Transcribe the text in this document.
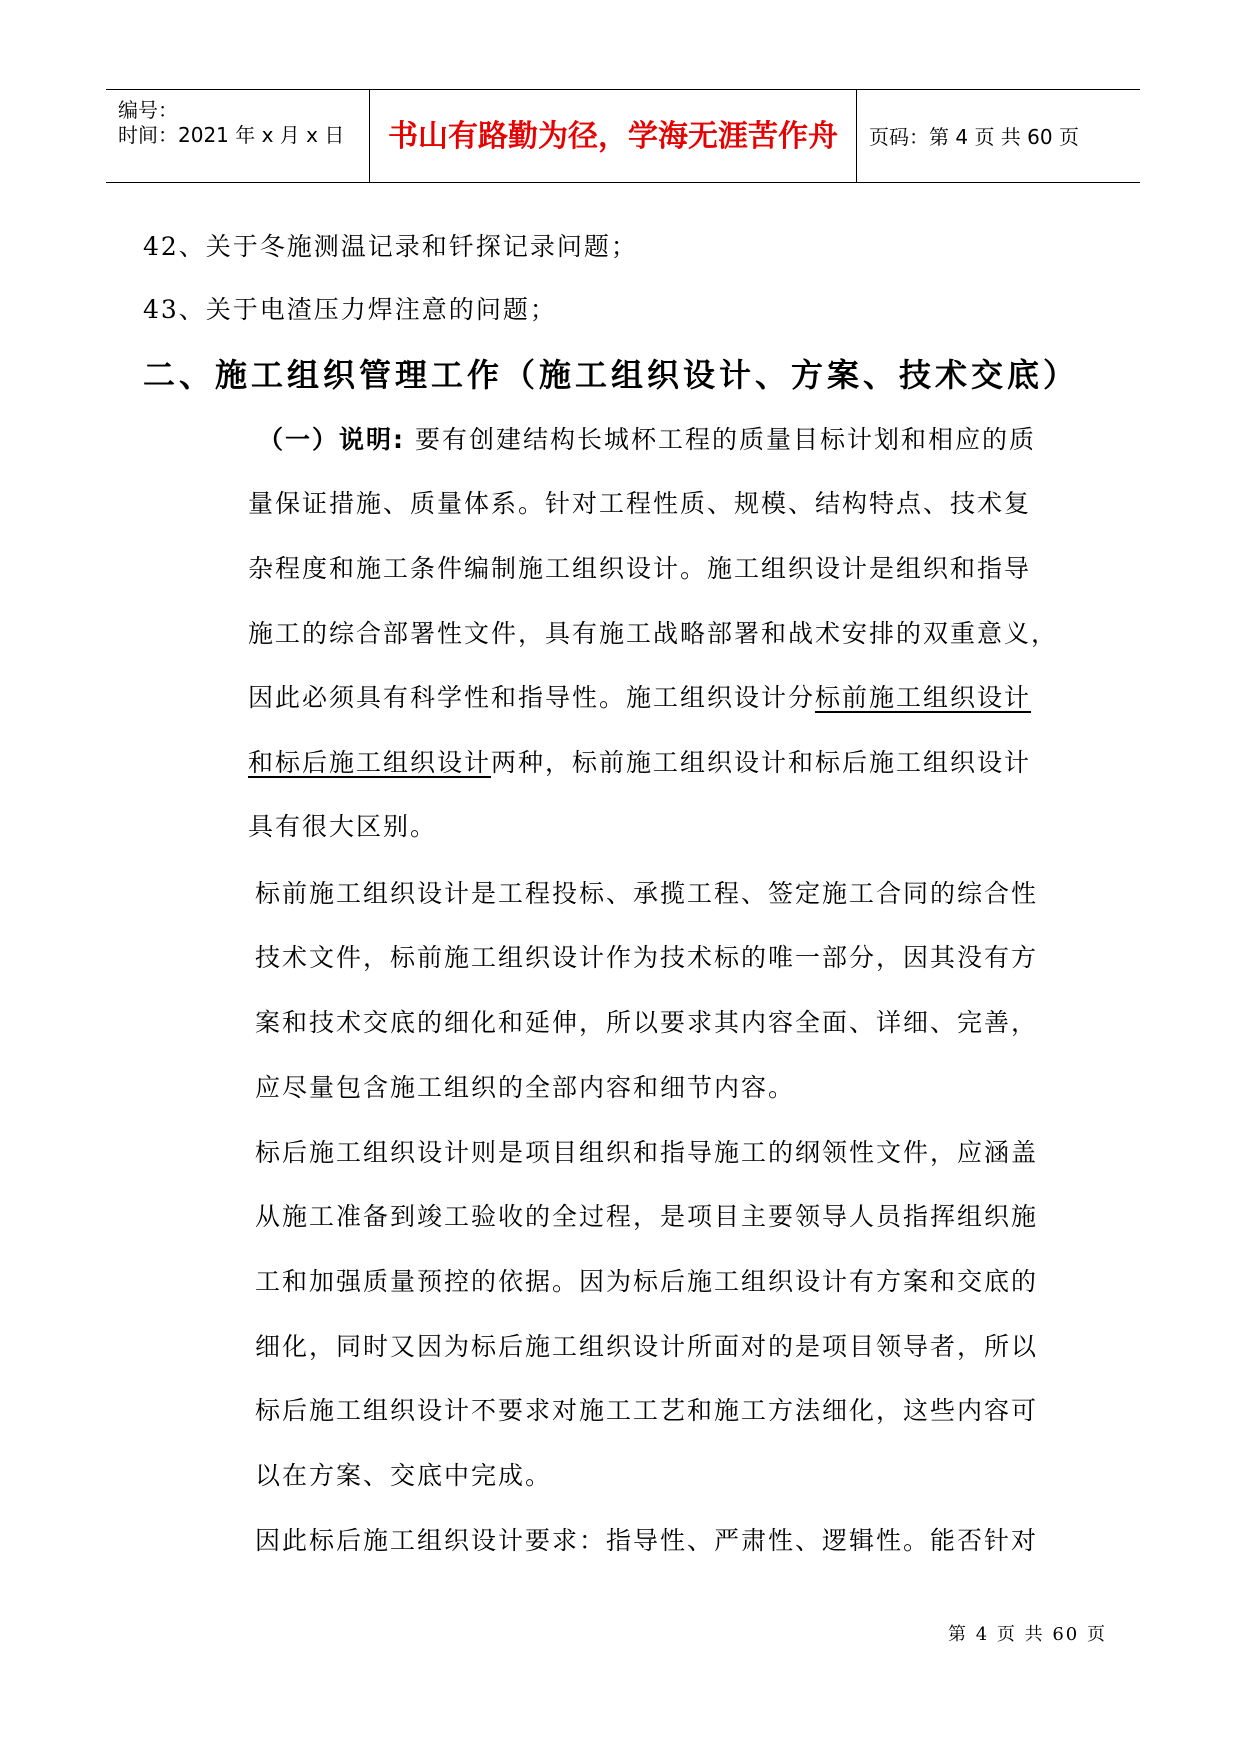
编号：
时间：2021 年 x 月 x 日	书山有路勤为径，学海无涯苦作舟	页码：第 4 页 共 60 页
42、关于冬施测温记录和钎探记录问题；
43、关于电渣压力焊注意的问题；
二、施工组织管理工作（施工组织设计、方案、技术交底）
（一）说明: 要有创建结构长城杯工程的质量目标计划和相应的质
量保证措施、质量体系。针对工程性质、规模、结构特点、技术复
杂程度和施工条件编制施工组织设计。施工组织设计是组织和指导
施工的综合部署性文件，具有施工战略部署和战术安排的双重意义，
因此必须具有科学性和指导性。施工组织设计分标前施工组织设计
和标后施工组织设计两种，标前施工组织设计和标后施工组织设计
具有很大区别。
标前施工组织设计是工程投标、承揽工程、签定施工合同的综合性
技术文件，标前施工组织设计作为技术标的唯一部分，因其没有方
案和技术交底的细化和延伸，所以要求其内容全面、详细、完善，
应尽量包含施工组织的全部内容和细节内容。
标后施工组织设计则是项目组织和指导施工的纲领性文件，应涵盖
从施工准备到竣工验收的全过程，是项目主要领导人员指挥组织施
工和加强质量预控的依据。因为标后施工组织设计有方案和交底的
细化，同时又因为标后施工组织设计所面对的是项目领导者，所以
标后施工组织设计不要求对施工工艺和施工方法细化，这些内容可
以在方案、交底中完成。
因此标后施工组织设计要求：指导性、严肃性、逻辑性。能否针对
第 4 页 共 60 页
